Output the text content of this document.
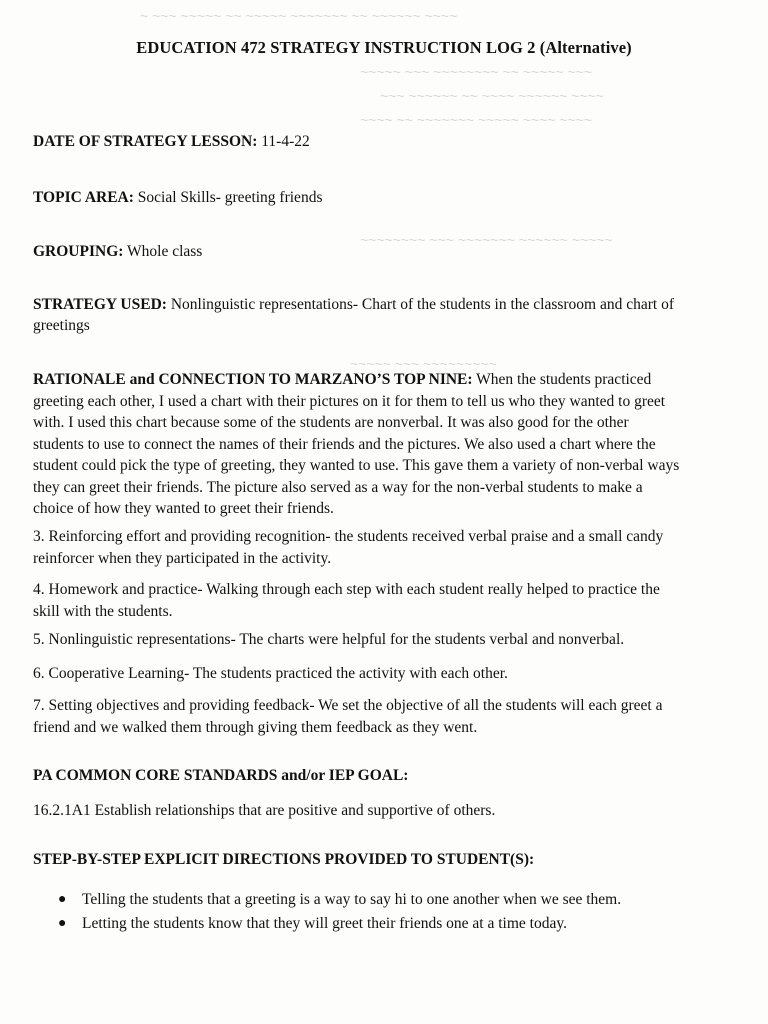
~ ~~~ ~~~~~ ~~ ~~~~~ ~~~~~~~ ~~ ~~~~~~ ~~~~
~~~~~ ~~~ ~~~~~~~~ ~~ ~~~~~ ~~~
~~~ ~~~~~~ ~~ ~~~~ ~~~~~~ ~~~~
~~~~ ~~ ~~~~~~~ ~~~~~ ~~~~ ~~~~
~~~~~~~~ ~~~ ~~~~~~~ ~~~~~~ ~~~~~
~~~~~ ~~~ ~~~~~~~~~
EDUCATION 472 STRATEGY INSTRUCTION LOG 2 (Alternative)
DATE OF STRATEGY LESSON: 11-4-22
TOPIC AREA: Social Skills- greeting friends
GROUPING: Whole class
STRATEGY USED: Nonlinguistic representations- Chart of the students in the classroom and chart of greetings
RATIONALE and CONNECTION TO MARZANO’S TOP NINE: When the students practiced greeting each other, I used a chart with their pictures on it for them to tell us who they wanted to greet with. I used this chart because some of the students are nonverbal. It was also good for the other students to use to connect the names of their friends and the pictures. We also used a chart where the student could pick the type of greeting, they wanted to use. This gave them a variety of non-verbal ways they can greet their friends. The picture also served as a way for the non-verbal students to make a choice of how they wanted to greet their friends.
3. Reinforcing effort and providing recognition- the students received verbal praise and a small candy reinforcer when they participated in the activity.
4. Homework and practice- Walking through each step with each student really helped to practice the skill with the students.
5. Nonlinguistic representations- The charts were helpful for the students verbal and nonverbal.
6. Cooperative Learning- The students practiced the activity with each other.
7. Setting objectives and providing feedback- We set the objective of all the students will each greet a friend and we walked them through giving them feedback as they went.
PA COMMON CORE STANDARDS and/or IEP GOAL:
16.2.1A1 Establish relationships that are positive and supportive of others.
STEP-BY-STEP EXPLICIT DIRECTIONS PROVIDED TO STUDENT(S):
● Telling the students that a greeting is a way to say hi to one another when we see them.
● Letting the students know that they will greet their friends one at a time today.
